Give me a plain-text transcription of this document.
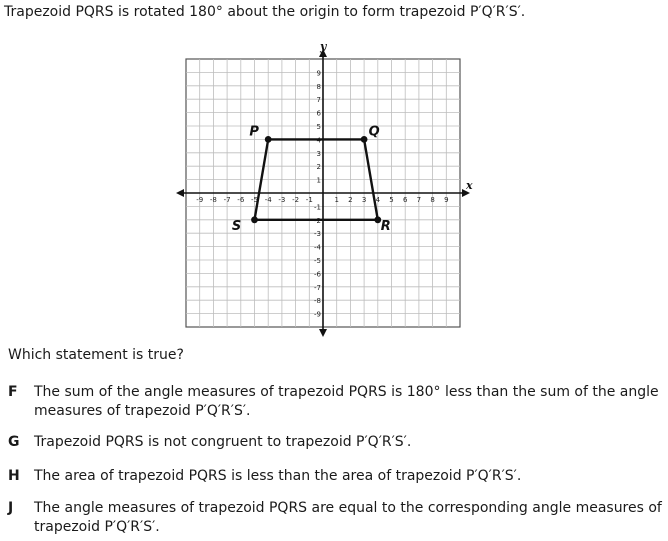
Trapezoid PQRS is rotated 180° about the origin to form trapezoid P′Q′R′S′.
x
y
-9 -8 -7 -6 -5 -4 -3 -2 -1	1 2 3 4 5 6 7 8 9
9
8
7
6
5
4
3
2
1
-1
-2
-3
-4
-5
-6
-7
-8
-9
P	Q
R
S
Which statement is true?
F The sum of the angle measures of trapezoid PQRS is 180° less than the sum of the angle measures of trapezoid P′Q′R′S′.
G Trapezoid PQRS is not congruent to trapezoid P′Q′R′S′.
H The area of trapezoid PQRS is less than the area of trapezoid P′Q′R′S′.
J The angle measures of trapezoid PQRS are equal to the corresponding angle measures of trapezoid P′Q′R′S′.
